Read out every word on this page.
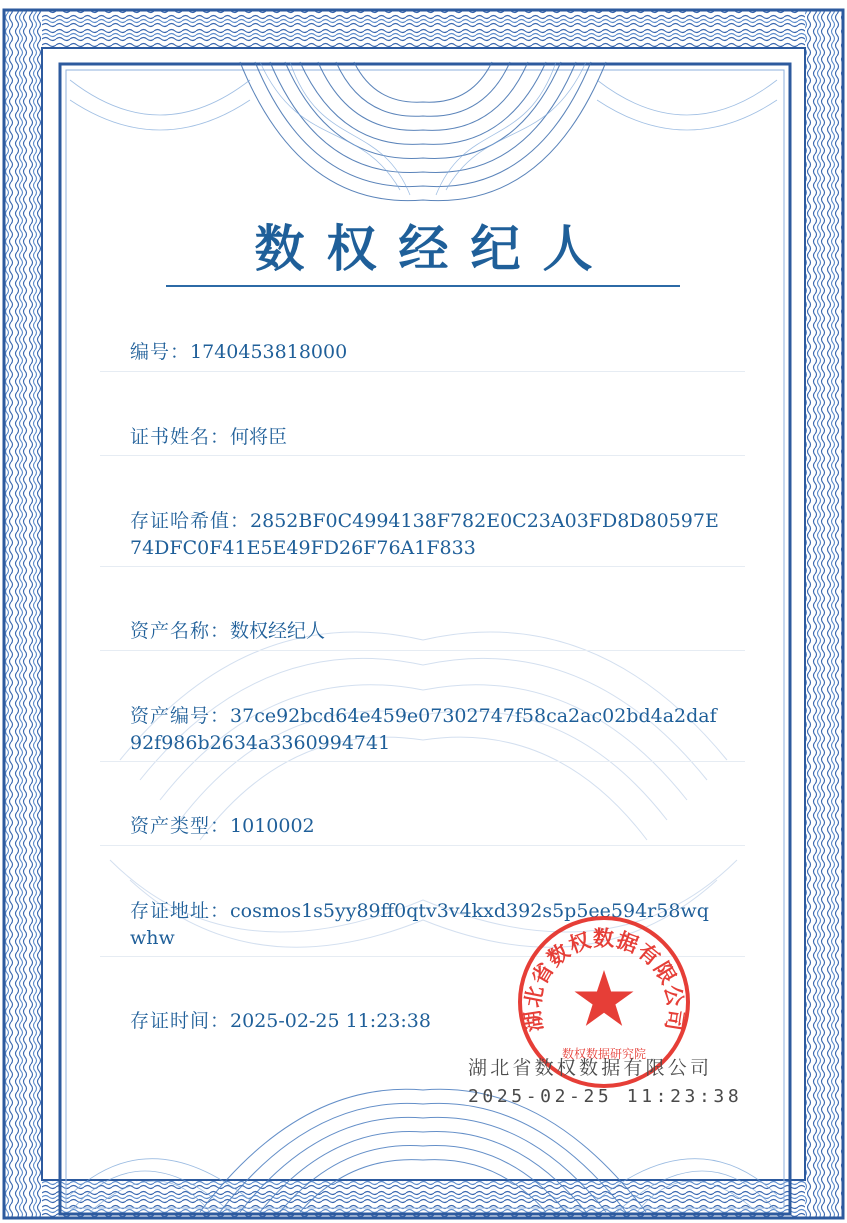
数权经纪人
编号 ： 1740453818000
证书姓名 ： 何将臣
存证哈希值 ： 2852BF0C4994138F782E0C23A03FD8D80597E74DFC0F41E5E49FD26F76A1F833
资产名称 ： 数权经纪人
资产编号 ： 37ce92bcd64e459e07302747f58ca2ac02bd4a2daf92f986b2634a3360994741
资产类型 ： 1010002
存证地址 ： cosmos1s5yy89ff0qtv3v4kxd392s5p5ee594r58wqwhw
存证时间 ： 2025-02-25 11:23:38	湖北省数权数据有限公司
数权数据研究院
湖北省数权数据有限公司
2025-02-25 11:23:38
